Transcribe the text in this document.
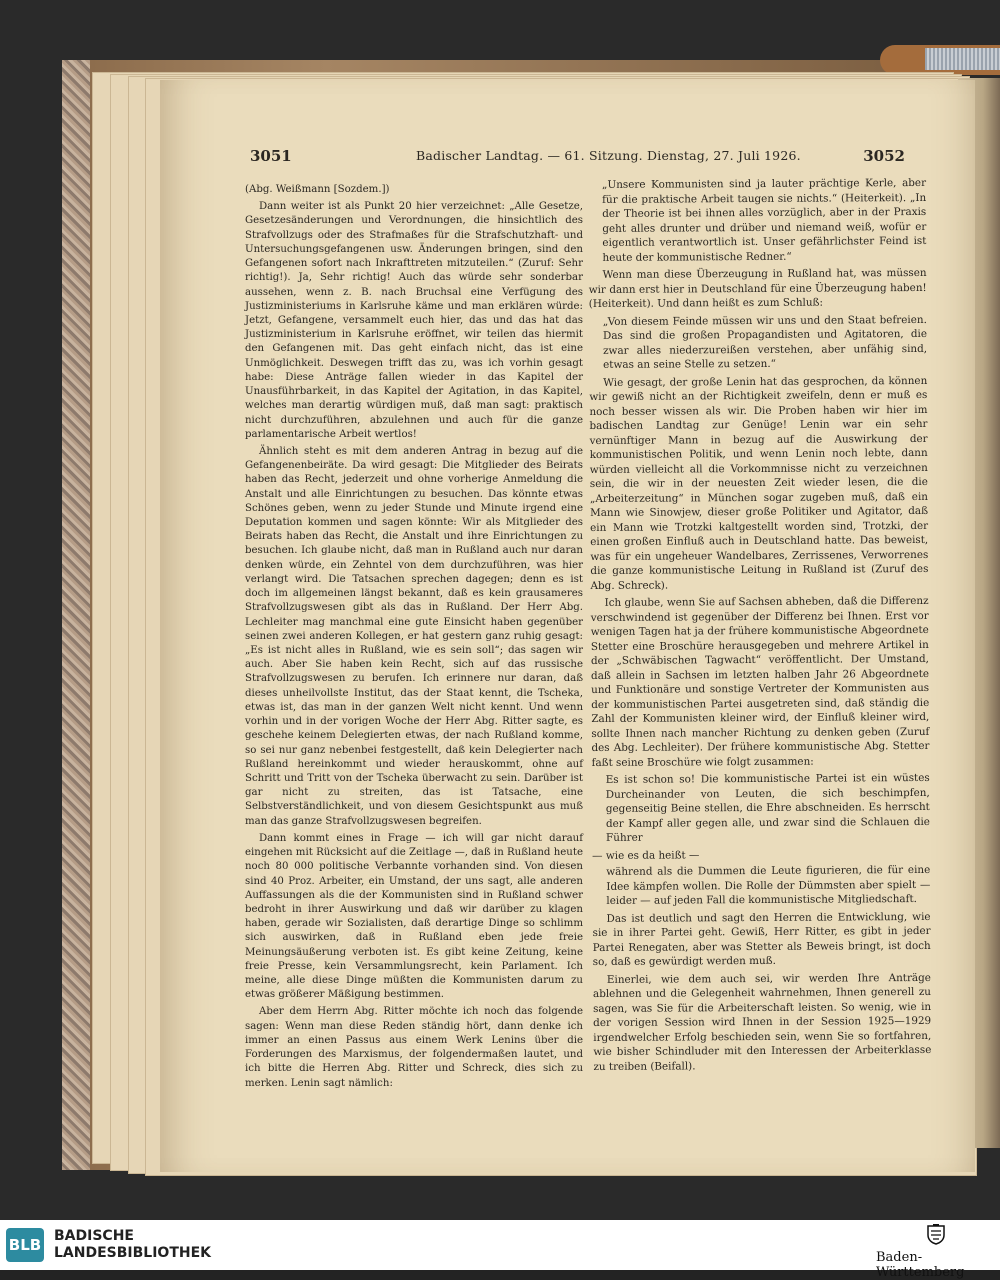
3051	Badischer Landtag. — 61. Sitzung. Dienstag, 27. Juli 1926.	3052

(Abg. Weißmann [Sozdem.])

Dann weiter ist als Punkt 20 hier verzeichnet: „Alle Gesetze, Gesetzesänderungen und Verordnungen, die hinsichtlich des Strafvollzugs oder des Strafmaßes für die Strafschutzhaft- und Untersuchungsgefangenen usw. Änderungen bringen, sind den Gefangenen sofort nach Inkrafttreten mitzuteilen.“ (Zuruf: Sehr richtig!). Ja, Sehr richtig! Auch das würde sehr sonderbar aussehen, wenn z. B. nach Bruchsal eine Verfügung des Justizministeriums in Karlsruhe käme und man erklären würde: Jetzt, Gefangene, versammelt euch hier, das und das hat das Justizministerium in Karlsruhe eröffnet, wir teilen das hiermit den Gefangenen mit. Das geht einfach nicht, das ist eine Unmöglichkeit. Deswegen trifft das zu, was ich vorhin gesagt habe: Diese Anträge fallen wieder in das Kapitel der Unausführbarkeit, in das Kapitel der Agitation, in das Kapitel, welches man derartig würdigen muß, daß man sagt: praktisch nicht durchzuführen, abzulehnen und auch für die ganze parlamentarische Arbeit wertlos!

Ähnlich steht es mit dem anderen Antrag in bezug auf die Gefangenenbeiräte. Da wird gesagt: Die Mitglieder des Beirats haben das Recht, jederzeit und ohne vorherige Anmeldung die Anstalt und alle Einrichtungen zu besuchen. Das könnte etwas Schönes geben, wenn zu jeder Stunde und Minute irgend eine Deputation kommen und sagen könnte: Wir als Mitglieder des Beirats haben das Recht, die Anstalt und ihre Einrichtungen zu besuchen. Ich glaube nicht, daß man in Rußland auch nur daran denken würde, ein Zehntel von dem durchzuführen, was hier verlangt wird. Die Tatsachen sprechen dagegen; denn es ist doch im allgemeinen längst bekannt, daß es kein grausameres Strafvollzugswesen gibt als das in Rußland. Der Herr Abg. Lechleiter mag manchmal eine gute Einsicht haben gegenüber seinen zwei anderen Kollegen, er hat gestern ganz ruhig gesagt: „Es ist nicht alles in Rußland, wie es sein soll“; das sagen wir auch. Aber Sie haben kein Recht, sich auf das russische Strafvollzugswesen zu berufen. Ich erinnere nur daran, daß dieses unheilvollste Institut, das der Staat kennt, die Tscheka, etwas ist, das man in der ganzen Welt nicht kennt. Und wenn vorhin und in der vorigen Woche der Herr Abg. Ritter sagte, es geschehe keinem Delegierten etwas, der nach Rußland komme, so sei nur ganz nebenbei festgestellt, daß kein Delegierter nach Rußland hereinkommt und wieder herauskommt, ohne auf Schritt und Tritt von der Tscheka überwacht zu sein. Darüber ist gar nicht zu streiten, das ist Tatsache, eine Selbstverständlichkeit, und von diesem Gesichtspunkt aus muß man das ganze Strafvollzugswesen begreifen.

Dann kommt eines in Frage — ich will gar nicht darauf eingehen mit Rücksicht auf die Zeitlage —, daß in Rußland heute noch 80 000 politische Verbannte vorhanden sind. Von diesen sind 40 Proz. Arbeiter, ein Umstand, der uns sagt, alle anderen Auffassungen als die der Kommunisten sind in Rußland schwer bedroht in ihrer Auswirkung und daß wir darüber zu klagen haben, gerade wir Sozialisten, daß derartige Dinge so schlimm sich auswirken, daß in Rußland eben jede freie Meinungsäußerung verboten ist. Es gibt keine Zeitung, keine freie Presse, kein Versammlungsrecht, kein Parlament. Ich meine, alle diese Dinge müßten die Kommunisten darum zu etwas größerer Mäßigung bestimmen.

Aber dem Herrn Abg. Ritter möchte ich noch das folgende sagen: Wenn man diese Reden ständig hört, dann denke ich immer an einen Passus aus einem Werk Lenins über die Forderungen des Marxismus, der folgendermaßen lautet, und ich bitte die Herren Abg. Ritter und Schreck, dies sich zu merken. Lenin sagt nämlich:

„Unsere Kommunisten sind ja lauter prächtige Kerle, aber für die praktische Arbeit taugen sie nichts.“ (Heiterkeit). „In der Theorie ist bei ihnen alles vorzüglich, aber in der Praxis geht alles drunter und drüber und niemand weiß, wofür er eigentlich verantwortlich ist. Unser gefährlichster Feind ist heute der kommunistische Redner.“

Wenn man diese Überzeugung in Rußland hat, was müssen wir dann erst hier in Deutschland für eine Überzeugung haben! (Heiterkeit). Und dann heißt es zum Schluß:

„Von diesem Feinde müssen wir uns und den Staat befreien. Das sind die großen Propagandisten und Agitatoren, die zwar alles niederzureißen verstehen, aber unfähig sind, etwas an seine Stelle zu setzen.“

Wie gesagt, der große Lenin hat das gesprochen, da können wir gewiß nicht an der Richtigkeit zweifeln, denn er muß es noch besser wissen als wir. Die Proben haben wir hier im badischen Landtag zur Genüge! Lenin war ein sehr vernünftiger Mann in bezug auf die Auswirkung der kommunistischen Politik, und wenn Lenin noch lebte, dann würden vielleicht all die Vorkommnisse nicht zu verzeichnen sein, die wir in der neuesten Zeit wieder lesen, die die „Arbeiterzeitung“ in München sogar zugeben muß, daß ein Mann wie Sinowjew, dieser große Politiker und Agitator, daß ein Mann wie Trotzki kaltgestellt worden sind, Trotzki, der einen großen Einfluß auch in Deutschland hatte. Das beweist, was für ein ungeheuer Wandelbares, Zerrissenes, Verworrenes die ganze kommunistische Leitung in Rußland ist (Zuruf des Abg. Schreck).

Ich glaube, wenn Sie auf Sachsen abheben, daß die Differenz verschwindend ist gegenüber der Differenz bei Ihnen. Erst vor wenigen Tagen hat ja der frühere kommunistische Abgeordnete Stetter eine Broschüre herausgegeben und mehrere Artikel in der „Schwäbischen Tagwacht“ veröffentlicht. Der Umstand, daß allein in Sachsen im letzten halben Jahr 26 Abgeordnete und Funktionäre und sonstige Vertreter der Kommunisten aus der kommunistischen Partei ausgetreten sind, daß ständig die Zahl der Kommunisten kleiner wird, der Einfluß kleiner wird, sollte Ihnen nach mancher Richtung zu denken geben (Zuruf des Abg. Lechleiter). Der frühere kommunistische Abg. Stetter faßt seine Broschüre wie folgt zusammen:

Es ist schon so! Die kommunistische Partei ist ein wüstes Durcheinander von Leuten, die sich beschimpfen, gegenseitig Beine stellen, die Ehre abschneiden. Es herrscht der Kampf aller gegen alle, und zwar sind die Schlauen die Führer

— wie es da heißt —

während als die Dummen die Leute figurieren, die für eine Idee kämpfen wollen. Die Rolle der Dümmsten aber spielt — leider — auf jeden Fall die kommunistische Mitgliedschaft.

Das ist deutlich und sagt den Herren die Entwicklung, wie sie in ihrer Partei geht. Gewiß, Herr Ritter, es gibt in jeder Partei Renegaten, aber was Stetter als Beweis bringt, ist doch so, daß es gewürdigt werden muß.

Einerlei, wie dem auch sei, wir werden Ihre Anträge ablehnen und die Gelegenheit wahrnehmen, Ihnen generell zu sagen, was Sie für die Arbeiterschaft leisten. So wenig, wie in der vorigen Session wird Ihnen in der Session 1925—1929 irgendwelcher Erfolg beschieden sein, wenn Sie so fortfahren, wie bisher Schindluder mit den Interessen der Arbeiterklasse zu treiben (Beifall).

BLB BADISCHE
LANDESBIBLIOTHEK	Baden-Württemberg
